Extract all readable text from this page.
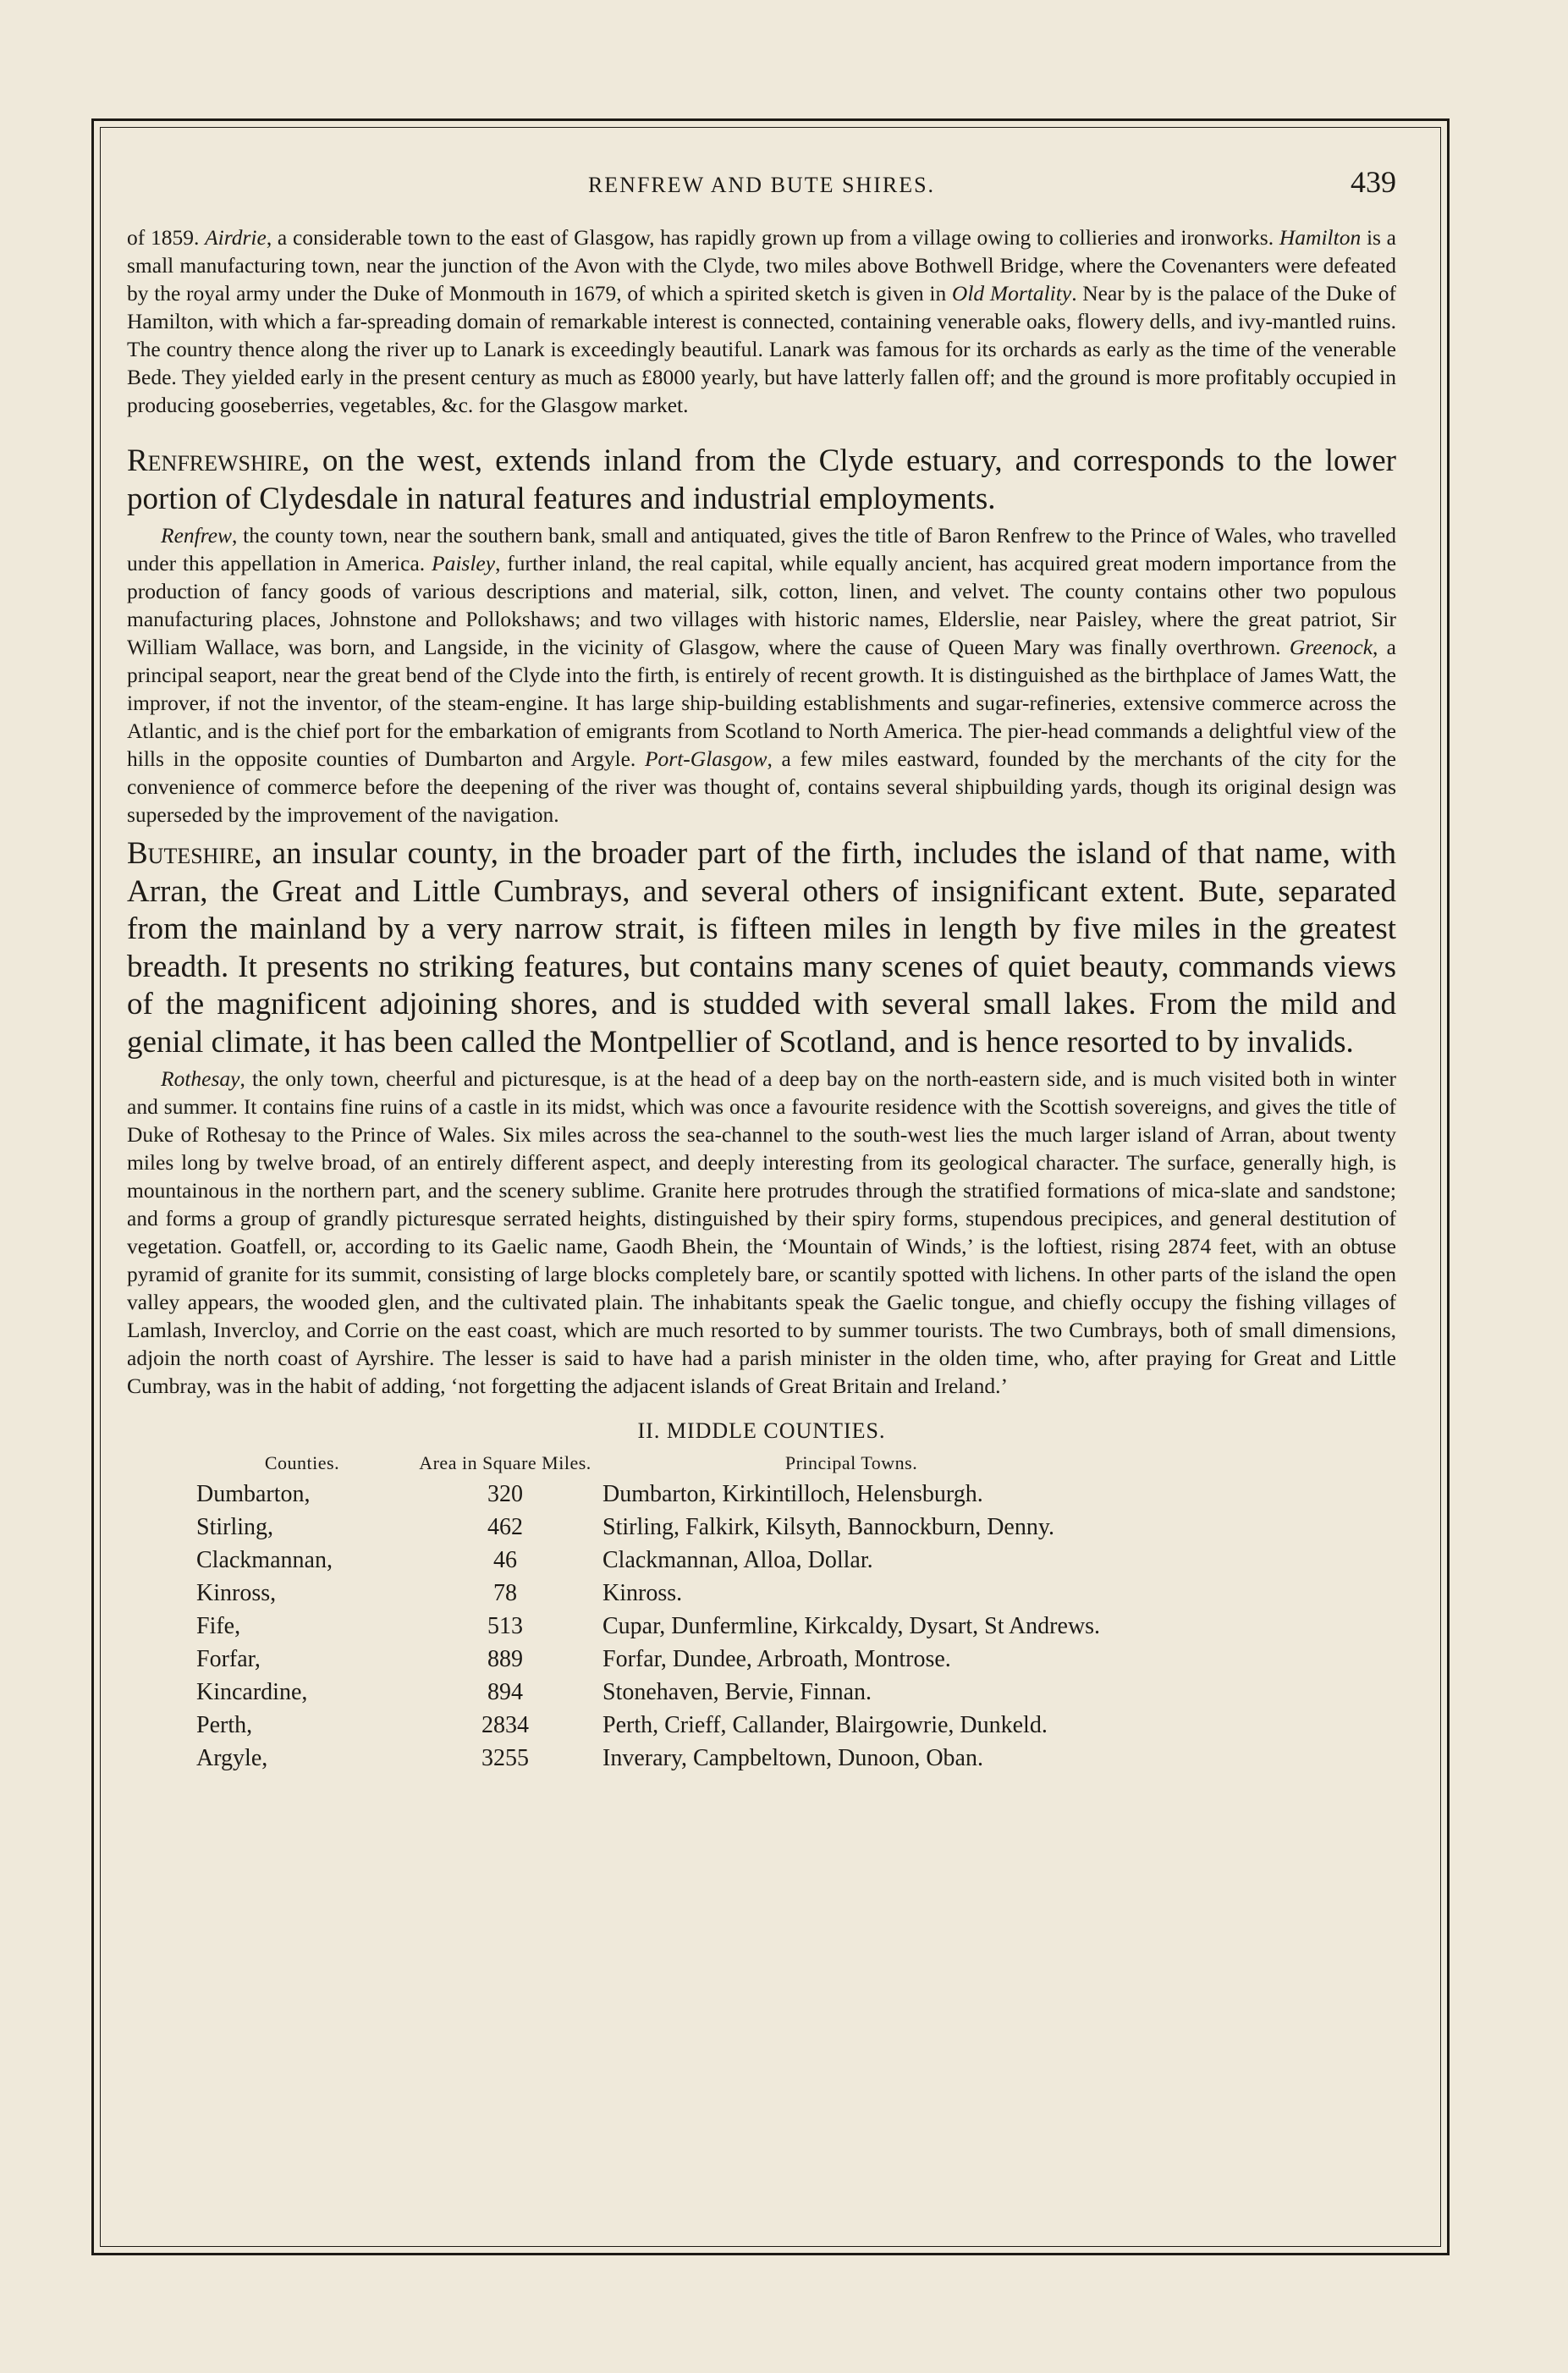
RENFREW AND BUTE SHIRES.	439

of 1859. Airdrie, a considerable town to the east of Glasgow, has rapidly grown up from a village owing to collieries and ironworks. Hamilton is a small manufacturing town, near the junction of the Avon with the Clyde, two miles above Bothwell Bridge, where the Covenanters were defeated by the royal army under the Duke of Monmouth in 1679, of which a spirited sketch is given in Old Mortality. Near by is the palace of the Duke of Hamilton, with which a far-spreading domain of remarkable interest is connected, containing venerable oaks, flowery dells, and ivy-mantled ruins. The country thence along the river up to Lanark is exceedingly beautiful. Lanark was famous for its orchards as early as the time of the venerable Bede. They yielded early in the present century as much as £8000 yearly, but have latterly fallen off; and the ground is more profitably occupied in producing gooseberries, vegetables, &c. for the Glasgow market.

Renfrewshire, on the west, extends inland from the Clyde estuary, and corresponds to the lower portion of Clydesdale in natural features and industrial employments.

Renfrew, the county town, near the southern bank, small and antiquated, gives the title of Baron Renfrew to the Prince of Wales, who travelled under this appellation in America. Paisley, further inland, the real capital, while equally ancient, has acquired great modern importance from the production of fancy goods of various descriptions and material, silk, cotton, linen, and velvet. The county contains other two populous manufacturing places, Johnstone and Pollokshaws; and two villages with historic names, Elderslie, near Paisley, where the great patriot, Sir William Wallace, was born, and Langside, in the vicinity of Glasgow, where the cause of Queen Mary was finally overthrown. Greenock, a principal seaport, near the great bend of the Clyde into the firth, is entirely of recent growth. It is distinguished as the birthplace of James Watt, the improver, if not the inventor, of the steam-engine. It has large ship-building establishments and sugar-refineries, extensive commerce across the Atlantic, and is the chief port for the embarkation of emigrants from Scotland to North America. The pier-head commands a delightful view of the hills in the opposite counties of Dumbarton and Argyle. Port-Glasgow, a few miles eastward, founded by the merchants of the city for the convenience of commerce before the deepening of the river was thought of, contains several shipbuilding yards, though its original design was superseded by the improvement of the navigation.

Buteshire, an insular county, in the broader part of the firth, includes the island of that name, with Arran, the Great and Little Cumbrays, and several others of insignificant extent. Bute, separated from the mainland by a very narrow strait, is fifteen miles in length by five miles in the greatest breadth. It presents no striking features, but contains many scenes of quiet beauty, commands views of the magnificent adjoining shores, and is studded with several small lakes. From the mild and genial climate, it has been called the Montpellier of Scotland, and is hence resorted to by invalids.

Rothesay, the only town, cheerful and picturesque, is at the head of a deep bay on the north-eastern side, and is much visited both in winter and summer. It contains fine ruins of a castle in its midst, which was once a favourite residence with the Scottish sovereigns, and gives the title of Duke of Rothesay to the Prince of Wales. Six miles across the sea-channel to the south-west lies the much larger island of Arran, about twenty miles long by twelve broad, of an entirely different aspect, and deeply interesting from its geological character. The surface, generally high, is mountainous in the northern part, and the scenery sublime. Granite here protrudes through the stratified formations of mica-slate and sandstone; and forms a group of grandly picturesque serrated heights, distinguished by their spiry forms, stupendous precipices, and general destitution of vegetation. Goatfell, or, according to its Gaelic name, Gaodh Bhein, the ‘Mountain of Winds,’ is the loftiest, rising 2874 feet, with an obtuse pyramid of granite for its summit, consisting of large blocks completely bare, or scantily spotted with lichens. In other parts of the island the open valley appears, the wooded glen, and the cultivated plain. The inhabitants speak the Gaelic tongue, and chiefly occupy the fishing villages of Lamlash, Invercloy, and Corrie on the east coast, which are much resorted to by summer tourists. The two Cumbrays, both of small dimensions, adjoin the north coast of Ayrshire. The lesser is said to have had a parish minister in the olden time, who, after praying for Great and Little Cumbray, was in the habit of adding, ‘not forgetting the adjacent islands of Great Britain and Ireland.’

II. MIDDLE COUNTIES.
Counties.	Area in Square Miles.	Principal Towns.
Dumbarton,	320	Dumbarton, Kirkintilloch, Helensburgh.
Stirling,	462	Stirling, Falkirk, Kilsyth, Bannockburn, Denny.
Clackmannan,	46	Clackmannan, Alloa, Dollar.
Kinross,	78	Kinross.
Fife,	513	Cupar, Dunfermline, Kirkcaldy, Dysart, St Andrews.
Forfar,	889	Forfar, Dundee, Arbroath, Montrose.
Kincardine,	894	Stonehaven, Bervie, Finnan.
Perth,	2834	Perth, Crieff, Callander, Blairgowrie, Dunkeld.
Argyle,	3255	Inverary, Campbeltown, Dunoon, Oban.
